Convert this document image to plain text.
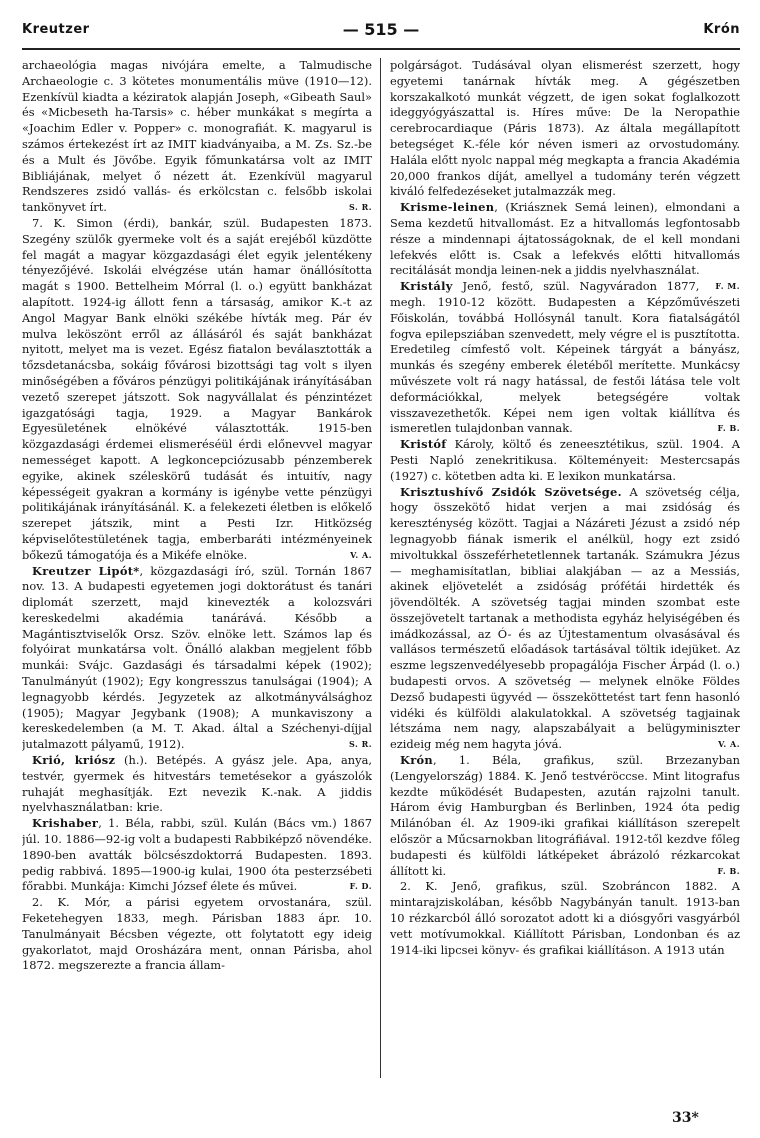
Kreutzer	— 515 —	Krón

archaeológia magas nivójára emelte, a Talmudische Archaeologie c. 3 kötetes monumentális müve (1910—12). Ezenkívül kiadta a kéziratok alapján Joseph, «Gibeath Saul» és «Micbeseth ha-Tarsis» c. héber munkákat s megírta a «Joachim Edler v. Popper» c. monografiát. K. magyarul is számos értekezést írt az IMIT kiadványaiba, a M. Zs. Sz.-be és a Mult és Jövőbe. Egyik főmunkatársa volt az IMIT Bibliájának, melyet ő nézett át. Ezenkívül magyarul Rendszeres zsidó vallás- és erkölcstan c. felsőbb iskolai tankönyvet írt.	S. R.

7. K. Simon (érdi), bankár, szül. Budapesten 1873. Szegény szülők gyermeke volt és a saját erejéből küzdötte fel magát a magyar közgazdasági élet egyik jelentékeny tényezőjévé. Iskolái elvégzése után hamar önállósította magát s 1900. Bettelheim Mórral (l. o.) együtt bankházat alapított. 1924-ig állott fenn a társaság, amikor K.-t az Angol Magyar Bank elnöki székébe hívták meg. Pár év mulva leköszönt erről az állásáról és saját bankházat nyitott, melyet ma is vezet. Egész fiatalon beválasztották a tőzsdetanácsba, sokáig fővárosi bizottsági tag volt s ilyen minőségében a főváros pénzügyi politikájának irányításában vezető szerepet játszott. Sok nagyvállalat és pénzintézet igazgatósági tagja, 1929. a Magyar Bankárok Egyesületének elnökévé választották. 1915-ben közgazdasági érdemei elismeréséül érdi előnevvel magyar nemességet kapott. A legkoncepciózusabb pénzemberek egyike, akinek széleskörű tudását és intuitív, nagy képességeit gyakran a kormány is igénybe vette pénzügyi politikájának irányításánál. K. a felekezeti életben is előkelő szerepet játszik, mint a Pesti Izr. Hitközség képviselőtestületének tagja, emberbaráti intézményeinek bőkezű támogatója és a Mikéfe elnöke.	V. A.

Kreutzer Lipót*, közgazdasági író, szül. Tornán 1867 nov. 13. A budapesti egyetemen jogi doktorátust és tanári diplomát szerzett, majd kinevezték a kolozsvári kereskedelmi akadémia tanárává. Később a Magántisztviselők Orsz. Szöv. elnöke lett. Számos lap és folyóirat munkatársa volt. Önálló alakban megjelent főbb munkái: Svájc. Gazdasági és társadalmi képek (1902); Tanulmányút (1902); Egy kongresszus tanulságai (1904); A legnagyobb kérdés. Jegyzetek az alkotmányválsághoz (1905); Magyar Jegybank (1908); A munkaviszony a kereskedelemben (a M. T. Akad. által a Széchenyi-díjjal jutalmazott pályamű, 1912).	S. R.

Krió, kriósz (h.). Betépés. A gyász jele. Apa, anya, testvér, gyermek és hitvestárs temetésekor a gyászolók ruhaját meghasítják. Ezt nevezik K.-nak. A jiddis nyelvhasználatban: krie.

Krishaber, 1. Béla, rabbi, szül. Kulán (Bács vm.) 1867 júl. 10. 1886—92-ig volt a budapesti Rabbiképző növendéke. 1890-ben avatták bölcsészdoktorrá Budapesten. 1893. pedig rabbivá. 1895—1900-ig kulai, 1900 óta pesterzsébeti főrabbi. Munkája: Kimchi József élete és művei.	F. D.

2. K. Mór, a párisi egyetem orvostanára, szül. Feketehegyen 1833, megh. Párisban 1883 ápr. 10. Tanulmányait Bécsben végezte, ott folytatott egy ideig gyakorlatot, majd Orosházára ment, onnan Párisba, ahol 1872. megszerezte a francia állam-

polgárságot. Tudásával olyan elismerést szerzett, hogy egyetemi tanárnak hívták meg. A gégészetben korszakalkotó munkát végzett, de igen sokat foglalkozott ideggyógyászattal is. Híres műve: De la Neropathie cerebrocardiaque (Páris 1873). Az általa megállapított betegséget K.-féle kór néven ismeri az orvostudomány. Halála előtt nyolc nappal még megkapta a francia Akadémia 20,000 frankos díját, amellyel a tudomány terén végzett kiváló felfedezéseket jutalmazzák meg.

Krisme-leinen, (Kriásznek Semá leinen), elmondani a Sema kezdetű hitvallomást. Ez a hitvallomás legfontosabb része a mindennapi ájtatosságoknak, de el kell mondani lefekvés előtt is. Csak a lefekvés előtti hitvallomás recitálását mondja leinen-nek a jiddis nyelvhasználat.
F. M.

Kristály Jenő, festő, szül. Nagyváradon 1877, megh. 1910-12 között. Budapesten a Képzőművészeti Főiskolán, továbbá Hollósynál tanult. Kora fiatalságától fogva epilepsziában szenvedett, mely végre el is pusztította. Eredetileg címfestő volt. Képeinek tárgyát a bányász, munkás és szegény emberek életéből merítette. Munkácsy művészete volt rá nagy hatással, de festői látása tele volt deformációkkal, melyek betegségére voltak visszavezethetők. Képei nem igen voltak kiállítva és ismeretlen tulajdonban vannak.	F. B.

Kristóf Károly, költő és zeneesztétikus, szül. 1904. A Pesti Napló zenekritikusa. Költeményeit: Mestercsapás (1927) c. kötetben adta ki. E lexikon munkatársa.

Krisztushívő Zsidók Szövetsége. A szövetség célja, hogy összekötő hidat verjen a mai zsidóság és kereszténység között. Tagjai a Názáreti Jézust a zsidó nép legnagyobb fiának ismerik el anélkül, hogy ezt zsidó mivoltukkal összeférhetetlennek tartanák. Számukra Jézus — meghamisítatlan, bibliai alakjában — az a Messiás, akinek eljövetelét a zsidóság prófétái hirdették és jövendölték. A szövetség tagjai minden szombat este összejövetelt tartanak a methodista egyház helyiségében és imádkozással, az Ó- és az Újtestamentum olvasásával és vallásos természetű előadások tartásával töltik idejüket. Az eszme legszenvedélyesebb propagálója Fischer Árpád (l. o.) budapesti orvos. A szövetség — melynek elnöke Földes Dezső budapesti ügyvéd — összeköttetést tart fenn hasonló vidéki és külföldi alakulatokkal. A szövetség tagjainak létszáma nem nagy, alapszabályait a belügyminiszter ezideig még nem hagyta jóvá.	V. A.

Krón, 1. Béla, grafikus, szül. Brzezanyban (Lengyelország) 1884. K. Jenő testvéröccse. Mint litografus kezdte működését Budapesten, azután rajzolni tanult. Három évig Hamburgban és Berlinben, 1924 óta pedig Milánóban él. Az 1909-iki grafikai kiállításon szerepelt először a Műcsarnokban litográfiával. 1912-től kezdve főleg budapesti és külföldi látképeket ábrázoló rézkarcokat állított ki.	F. B.

2. K. Jenő, grafikus, szül. Szobráncon 1882. A mintarajziskolában, később Nagybányán tanult. 1913-ban 10 rézkarcból álló sorozatot adott ki a diósgyőri vasgyárból vett motívumokkal. Kiállított Párisban, Londonban és az 1914-iki lipcsei könyv- és grafikai kiállításon. A 1913 után

33*
